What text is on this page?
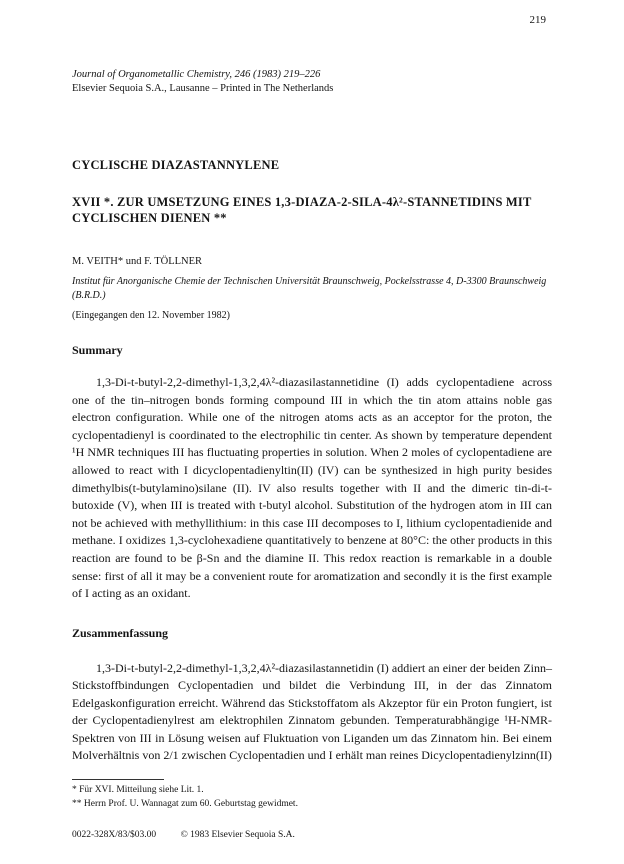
219
Journal of Organometallic Chemistry, 246 (1983) 219–226
Elsevier Sequoia S.A., Lausanne – Printed in The Netherlands
CYCLISCHE DIAZASTANNYLENE
XVII *. ZUR UMSETZUNG EINES 1,3-DIAZA-2-SILA-4λ²-STANNETIDINS MIT CYCLISCHEN DIENEN **
M. VEITH* und F. TÖLLNER
Institut für Anorganische Chemie der Technischen Universität Braunschweig, Pockelsstrasse 4, D-3300 Braunschweig (B.R.D.)
(Eingegangen den 12. November 1982)
Summary

1,3-Di-t-butyl-2,2-dimethyl-1,3,2,4λ²-diazasilastannetidine (I) adds cyclopentadiene across one of the tin–nitrogen bonds forming compound III in which the tin atom attains noble gas electron configuration. While one of the nitrogen atoms acts as an acceptor for the proton, the cyclopentadienyl is coordinated to the electrophilic tin center. As shown by temperature dependent ¹H NMR techniques III has fluctuating properties in solution. When 2 moles of cyclopentadiene are allowed to react with I dicyclopentadienyltin(II) (IV) can be synthesized in high purity besides dimethylbis(t-butylamino)silane (II). IV also results together with II and the dimeric tin-di-t-butoxide (V), when III is treated with t-butyl alcohol. Substitution of the hydrogen atom in III can not be achieved with methyllithium: in this case III decomposes to I, lithium cyclopentadienide and methane. I oxidizes 1,3-cyclohexadiene quantitatively to benzene at 80°C: the other products in this reaction are found to be β-Sn and the diamine II. This redox reaction is remarkable in a double sense: first of all it may be a convenient route for aromatization and secondly it is the first example of I acting as an oxidant.

Zusammenfassung

1,3-Di-t-butyl-2,2-dimethyl-1,3,2,4λ²-diazasilastannetidin (I) addiert an einer der beiden Zinn–Stickstoffbindungen Cyclopentadien und bildet die Verbindung III, in der das Zinnatom Edelgaskonfiguration erreicht. Während das Stickstoffatom als Akzeptor für ein Proton fungiert, ist der Cyclopentadienylrest am elektrophilen Zinnatom gebunden. Temperaturabhängige ¹H-NMR-Spektren von III in Lösung weisen auf Fluktuation von Liganden um das Zinnatom hin. Bei einem Molverhältnis von 2/1 zwischen Cyclopentadien und I erhält man reines Dicyclopentadienylzinn(II)

* Für XVI. Mitteilung siehe Lit. 1.
** Herrn Prof. U. Wannagat zum 60. Geburtstag gewidmet.
0022-328X/83/$03.00	© 1983 Elsevier Sequoia S.A.
